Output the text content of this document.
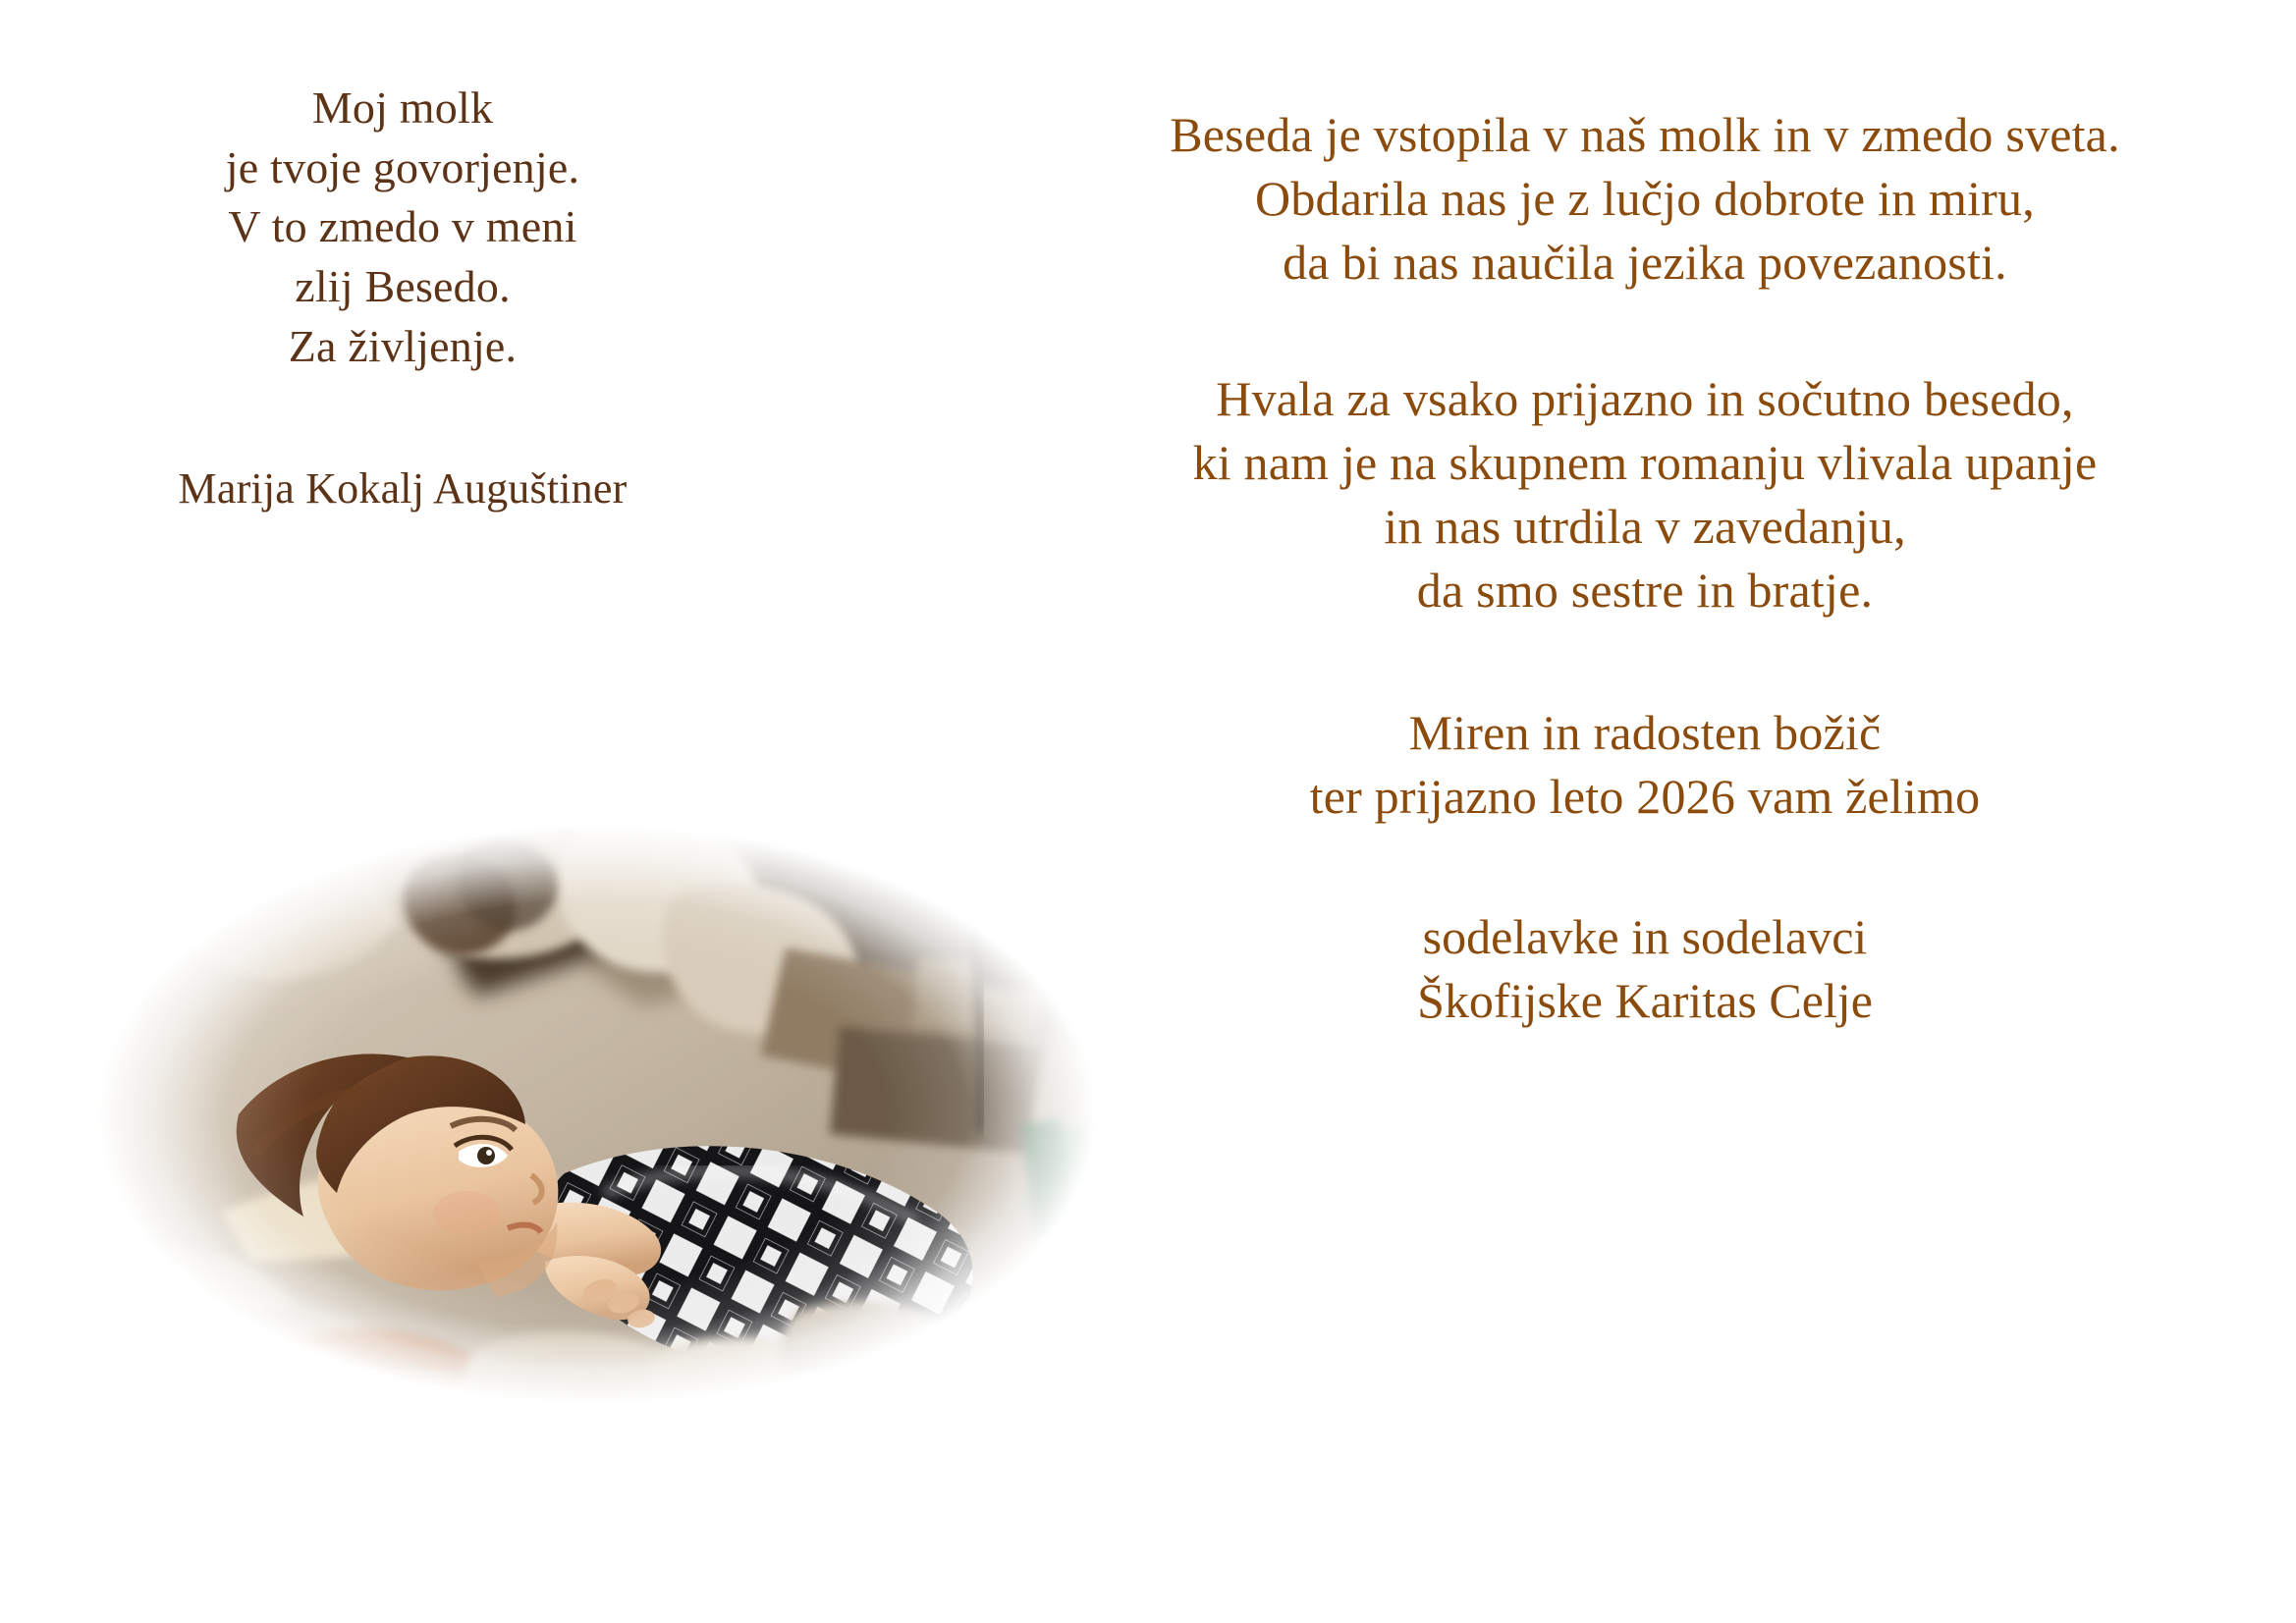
Moj molk
je tvoje govorjenje.
V to zmedo v meni
zlij Besedo.
Za življenje.
Marija Kokalj Auguštiner
Beseda je vstopila v naš molk in v zmedo sveta.
Obdarila nas je z lučjo dobrote in miru,
da bi nas naučila jezika povezanosti.
Hvala za vsako prijazno in sočutno besedo,
ki nam je na skupnem romanju vlivala upanje
in nas utrdila v zavedanju,
da smo sestre in bratje.
Miren in radosten božič
ter prijazno leto 2026 vam želimo
sodelavke in sodelavci
Škofijske Karitas Celje
